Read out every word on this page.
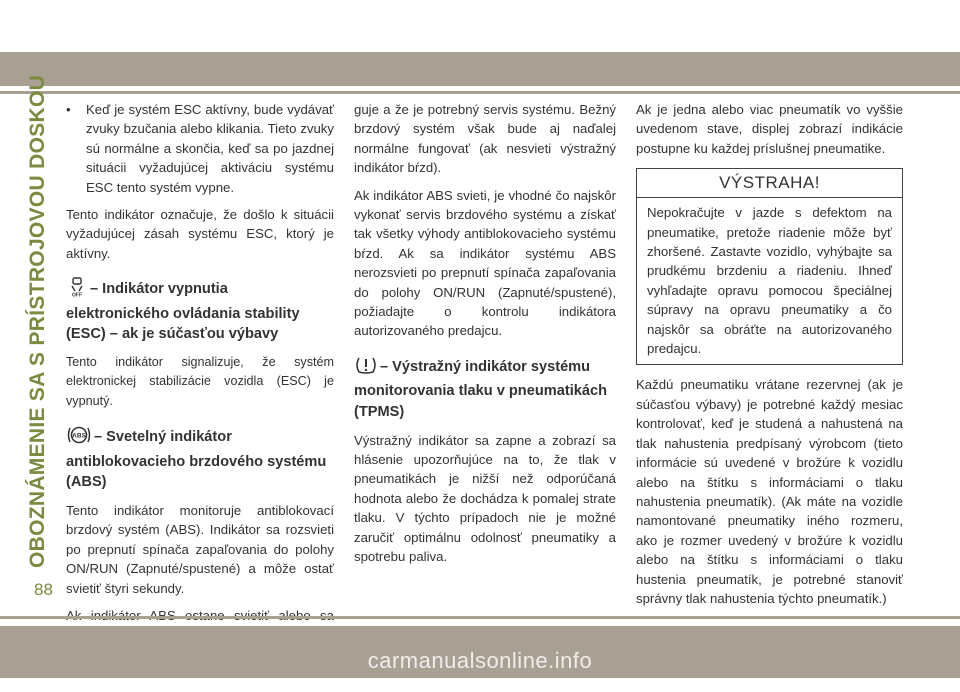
OBOZNÁMENIE SA S PRÍSTROJOVOU DOSKOU
88
•	Keď je systém ESC aktívny, bude vydávať zvuky bzučania alebo klikania. Tieto zvuky sú normálne a skončia, keď sa po jazdnej situácii vyžadujúcej aktiváciu systému ESC tento systém vypne.

Tento indikátor označuje, že došlo k situácii vyžadujúcej zásah systému ESC, ktorý je aktívny.

OFF – Indikátor vypnutia elektronického ovládania stability (ESC) – ak je súčasťou výbavy

Tento indikátor signalizuje, že systém elektronickej stabilizácie vozidla (ESC) je vypnutý.

ABS – Svetelný indikátor antiblokovacieho brzdového systému (ABS)

Tento indikátor monitoruje antiblokovací brzdový systém (ABS). Indikátor sa rozsvieti po prepnutí spínača zapaľovania do polohy ON/RUN (Zapnuté/spustené) a môže ostať svietiť štyri sekundy.

guje a že je potrebný servis systému. Bežný brzdový systém však bude aj naďalej normálne fungovať (ak nesvieti výstražný indikátor bŕzd).

Ak indikátor ABS svieti, je vhodné čo najskôr vykonať servis brzdového systému a získať tak všetky výhody antiblokovacieho systému bŕzd. Ak sa indikátor systému ABS nerozsvieti po prepnutí spínača zapaľovania do polohy ON/RUN (Zapnuté/spustené), požiadajte o kontrolu indikátora autorizovaného predajcu.

– Výstražný indikátor systému monitorovania tlaku v pneumatikách (TPMS)

Výstražný indikátor sa zapne a zobrazí sa hlásenie upozorňujúce na to, že tlak v pneumatikách je nižší než odporúčaná hodnota alebo že dochádza k pomalej strate tlaku. V týchto prípadoch nie je možné zaručiť optimálnu odolnosť pneumatiky a spotrebu paliva.

Ak je jedna alebo viac pneumatík vo vyššie uvedenom stave, displej zobrazí indikácie postupne ku každej príslušnej pneumatike.

VÝSTRAHA!
Nepokračujte v jazde s defektom na pneumatike, pretože riadenie môže byť zhoršené. Zastavte vozidlo, vyhýbajte sa prudkému brzdeniu a riadeniu. Ihneď vyhľadajte opravu pomocou špeciálnej súpravy na opravu pneumatiky a čo najskôr sa obráťte na autorizovaného predajcu.

Každú pneumatiku vrátane rezervnej (ak je súčasťou výbavy) je potrebné každý mesiac kontrolovať, keď je studená a nahustená na tlak nahustenia predpísaný výrobcom (tieto informácie sú uvedené v brožúre k vozidlu alebo na štítku s informáciami o tlaku nahustenia pneumatík). (Ak máte na vozidle namontované pneumatiky iného rozmeru, ako je rozmer uvedený v brožúre k vozidlu alebo na štítku s informáciami o tlaku hustenia pneumatík, je potrebné stanoviť správny tlak nahustenia týchto pneumatík.)

carmanualsonline.info
